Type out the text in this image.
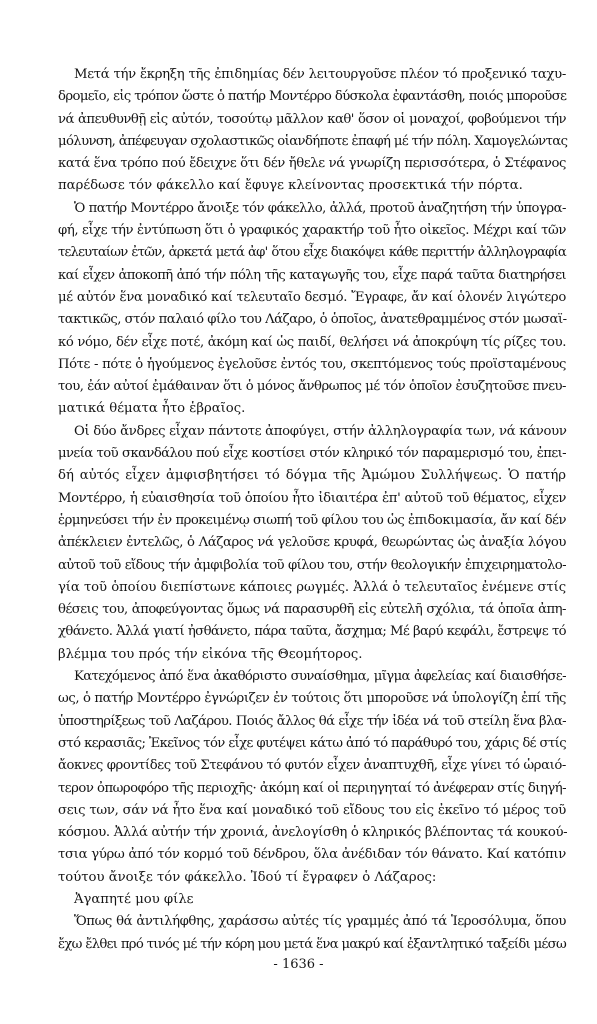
Μετά τήν ἔκρηξη τῆς ἐπιδημίας δέν λειτουργοῦσε πλέον τό προξενικό ταχυ-
δρομεῖο, εἰς τρόπον ὥστε ὁ πατήρ Μοντέρρο δύσκολα ἐφαντάσθη, ποιός μποροῦσε
νά ἀπευθυνθῇ εἰς αὐτόν, τοσούτῳ μᾶλλον καθ' ὅσον οἱ μοναχοί, φοβούμενοι τήν
μόλυνση, ἀπέφευγαν σχολαστικῶς οἱανδήποτε ἐπαφή μέ τήν πόλη. Χαμογελώντας
κατά ἕνα τρόπο πού ἔδειχνε ὅτι δέν ἤθελε νά γνωρίζη περισσότερα, ὁ Στέφανος
παρέδωσε τόν φάκελλο καί ἔφυγε κλείνοντας προσεκτικά τήν πόρτα.
Ὁ πατήρ Μοντέρρο ἄνοιξε τόν φάκελλο, ἀλλά, προτοῦ ἀναζητήση τήν ὑπογρα-
φή, εἶχε τήν ἐντύπωση ὅτι ὁ γραφικός χαρακτήρ τοῦ ἦτο οἰκεῖος. Μέχρι καί τῶν
τελευταίων ἐτῶν, ἀρκετά μετά ἀφ' ὅτου εἶχε διακόψει κάθε περιττήν ἀλληλογραφία
καί εἶχεν ἀποκοπῆ ἀπό τήν πόλη τῆς καταγωγῆς του, εἶχε παρά ταῦτα διατηρήσει
μέ αὐτόν ἕνα μοναδικό καί τελευταῖο δεσμό. Ἔγραφε, ἄν καί ὁλονέν λιγώτερο
τακτικῶς, στόν παλαιό φίλο του Λάζαρο, ὁ ὁποῖος, ἀνατεθραμμένος στόν μωσαϊ-
κό νόμο, δέν εἶχε ποτέ, ἀκόμη καί ὡς παιδί, θελήσει νά ἀποκρύψη τίς ρίζες του.
Πότε - πότε ὁ ἡγούμενος ἐγελοῦσε ἐντός του, σκεπτόμενος τούς προϊσταμένους
του, ἐάν αὐτοί ἐμάθαιναν ὅτι ὁ μόνος ἄνθρωπος μέ τόν ὁποῖον ἐσυζητοῦσε πνευ-
ματικά θέματα ἦτο ἑβραῖος.
Οἱ δύο ἄνδρες εἶχαν πάντοτε ἀποφύγει, στήν ἀλληλογραφία των, νά κάνουν
μνεία τοῦ σκανδάλου πού εἶχε κοστίσει στόν κληρικό τόν παραμερισμό του, ἐπει-
δή αὐτός εἶχεν ἀμφισβητήσει τό δόγμα τῆς Ἀμώμου Συλλήψεως. Ὁ πατήρ
Μοντέρρο, ἡ εὐαισθησία τοῦ ὁποίου ἦτο ἰδιαιτέρα ἐπ' αὐτοῦ τοῦ θέματος, εἶχεν
ἑρμηνεύσει τήν ἐν προκειμένῳ σιωπή τοῦ φίλου του ὡς ἐπιδοκιμασία, ἄν καί δέν
ἀπέκλειεν ἐντελῶς, ὁ Λάζαρος νά γελοῦσε κρυφά, θεωρώντας ὡς ἀναξία λόγου
αὐτοῦ τοῦ εἴδους τήν ἀμφιβολία τοῦ φίλου του, στήν θεολογικήν ἐπιχειρηματολο-
γία τοῦ ὁποίου διεπίστωνε κάποιες ρωγμές. Ἀλλά ὁ τελευταῖος ἐνέμενε στίς
θέσεις του, ἀποφεύγοντας ὅμως νά παρασυρθῆ εἰς εὐτελῆ σχόλια, τά ὁποῖα ἀπη-
χθάνετο. Ἀλλά γιατί ἠσθάνετο, πάρα ταῦτα, ἄσχημα; Μέ βαρύ κεφάλι, ἔστρεψε τό
βλέμμα του πρός τήν εἰκόνα τῆς Θεομήτορος.
Κατεχόμενος ἀπό ἕνα ἀκαθόριστο συναίσθημα, μῖγμα ἀφελείας καί διαισθήσε-
ως, ὁ πατήρ Μοντέρρο ἐγνώριζεν ἐν τούτοις ὅτι μποροῦσε νά ὑπολογίζη ἐπί τῆς
ὑποστηρίξεως τοῦ Λαζάρου. Ποιός ἄλλος θά εἶχε τήν ἰδέα νά τοῦ στείλη ἕνα βλα-
στό κερασιᾶς; Ἐκεῖνος τόν εἶχε φυτέψει κάτω ἀπό τό παράθυρό του, χάρις δέ στίς
ἄοκνες φροντίδες τοῦ Στεφάνου τό φυτόν εἶχεν ἀναπτυχθῆ, εἶχε γίνει τό ὡραιό-
τερον ὀπωροφόρο τῆς περιοχῆς· ἀκόμη καί οἱ περιηγηταί τό ἀνέφεραν στίς διηγή-
σεις των, σάν νά ἦτο ἕνα καί μοναδικό τοῦ εἴδους του εἰς ἐκεῖνο τό μέρος τοῦ
κόσμου. Ἀλλά αὐτήν τήν χρονιά, ἀνελογίσθη ὁ κληρικός βλέποντας τά κουκού-
τσια γύρω ἀπό τόν κορμό τοῦ δένδρου, ὅλα ἀνέδιδαν τόν θάνατο. Καί κατόπιν
τούτου ἄνοιξε τόν φάκελλο. Ἰδού τί ἔγραφεν ὁ Λάζαρος:
Ἀγαπητέ μου φίλε
Ὅπως θά ἀντιλήφθης, χαράσσω αὐτές τίς γραμμές ἀπό τά Ἱεροσόλυμα, ὅπου
ἔχω ἔλθει πρό τινός μέ τήν κόρη μου μετά ἕνα μακρύ καί ἐξαντλητικό ταξείδι μέσω
- 1636 -
